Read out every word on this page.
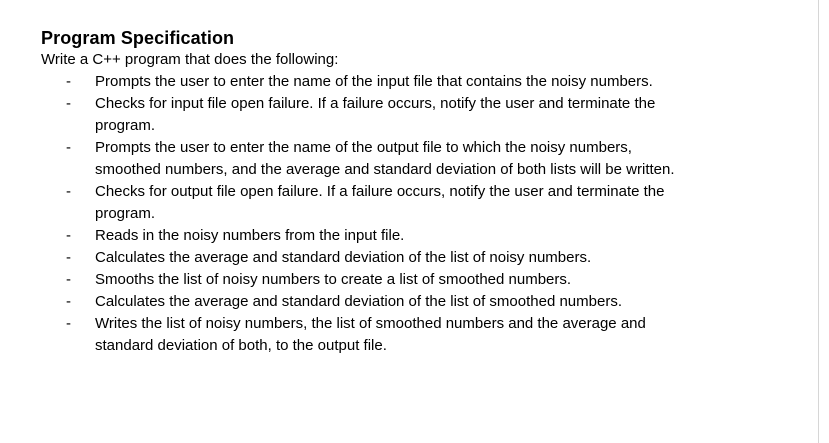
Program Specification

Write a C++ program that does the following:

- Prompts the user to enter the name of the input file that contains the noisy numbers.
- Checks for input file open failure. If a failure occurs, notify the user and terminate the program.
- Prompts the user to enter the name of the output file to which the noisy numbers, smoothed numbers, and the average and standard deviation of both lists will be written.
- Checks for output file open failure. If a failure occurs, notify the user and terminate the program.
- Reads in the noisy numbers from the input file.
- Calculates the average and standard deviation of the list of noisy numbers.
- Smooths the list of noisy numbers to create a list of smoothed numbers.
- Calculates the average and standard deviation of the list of smoothed numbers.
- Writes the list of noisy numbers, the list of smoothed numbers and the average and standard deviation of both, to the output file.
